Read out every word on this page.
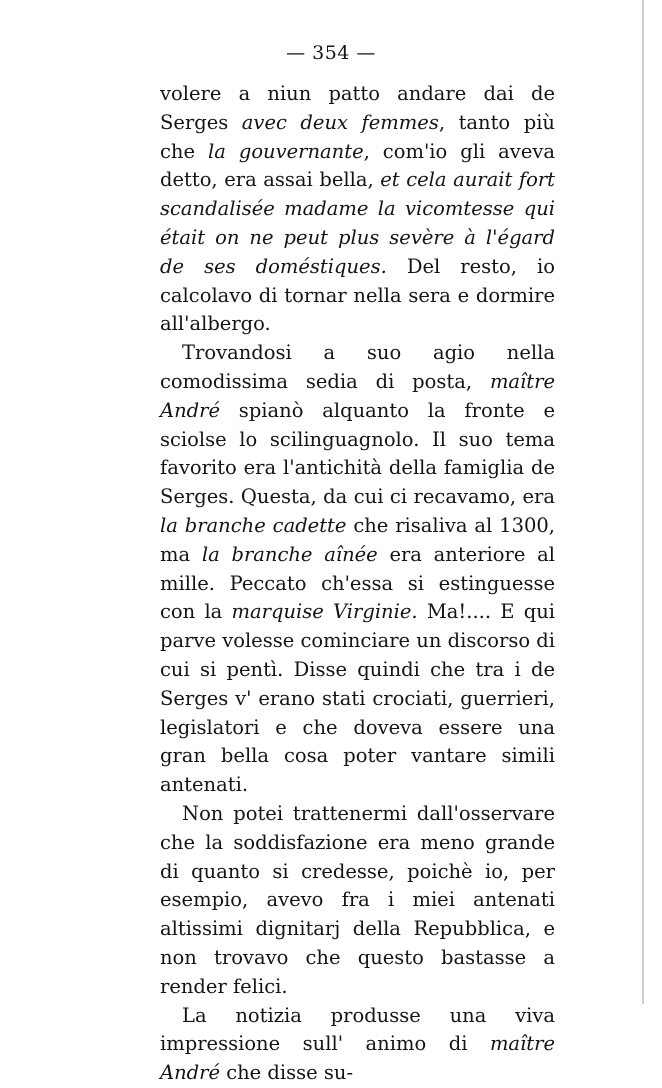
— 354 —

volere a niun patto andare dai de Serges avec deux femmes, tanto più che la gouvernante, com'io gli aveva detto, era assai bella, et cela aurait fort scandalisée madame la vicomtesse qui était on ne peut plus sevère à l'égard de ses doméstiques. Del resto, io calcolavo di tornar nella sera e dormire all'albergo.

Trovandosi a suo agio nella comodissima sedia di posta, maître André spianò alquanto la fronte e sciolse lo scilinguagnolo. Il suo tema favorito era l'antichità della famiglia de Serges. Questa, da cui ci recavamo, era la branche cadette che risaliva al 1300, ma la branche aînée era anteriore al mille. Peccato ch'essa si estinguesse con la marquise Virginie. Ma!.... E qui parve volesse cominciare un discorso di cui si pentì. Disse quindi che tra i de Serges v' erano stati crociati, guerrieri, legislatori e che doveva essere una gran bella cosa poter vantare simili antenati.

Non potei trattenermi dall'osservare che la soddisfazione era meno grande di quanto si credesse, poichè io, per esempio, avevo fra i miei antenati altissimi dignitarj della Repubblica, e non trovavo che questo bastasse a render felici.

La notizia produsse una viva impressione sull' animo di maître André che disse su-
